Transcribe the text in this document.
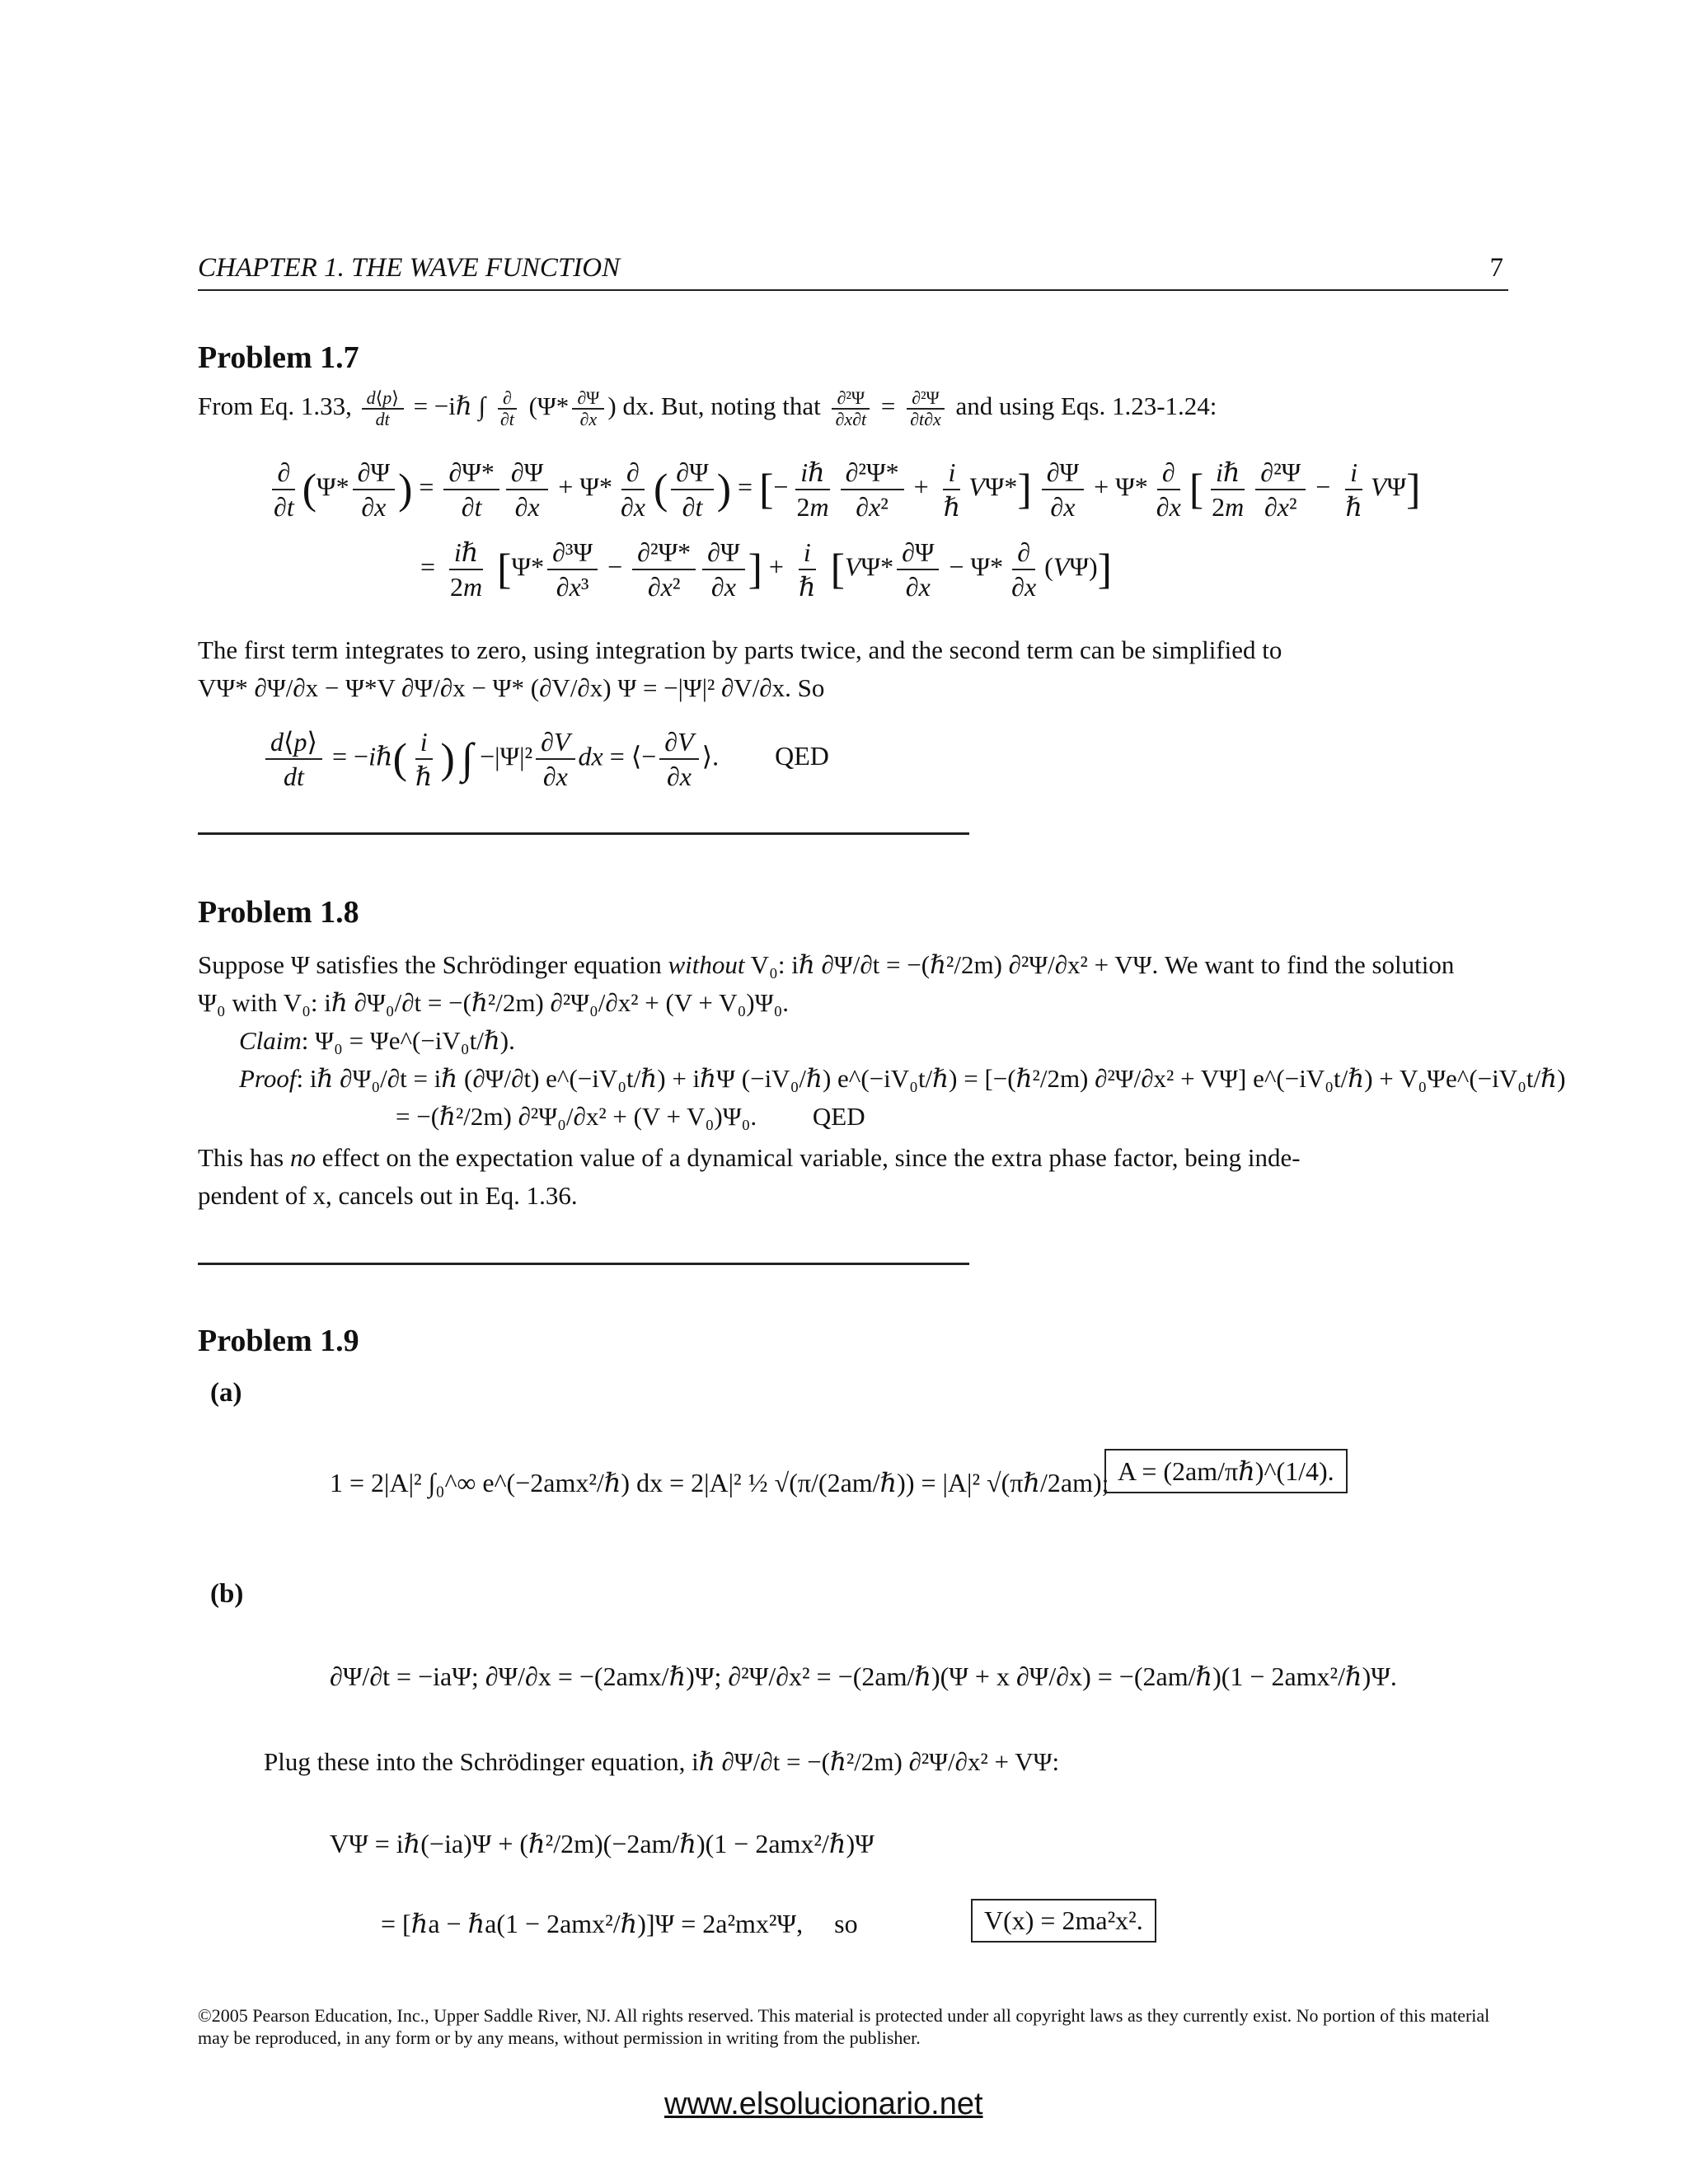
CHAPTER 1. THE WAVE FUNCTION	7
Problem 1.7
From Eq. 1.33, $\frac{d⟨p⟩}{dt}$ = −iℏ ∫ $\frac{\partial}{\partial t} (\Psi* \frac{\partial\Psi}{\partial x}$ ) dx. But, noting that $\frac{\text{∂²Ψ}}{\partial x\partial t} = \frac{\text{∂²Ψ}}{\partial t\partial x}$ and using Eqs. 1.23-1.24:
$\frac{\partial}{\partial t} (\Psi* \frac{\partial\Psi}{\partial x}$ ) = $\frac{\partial\Psi*}{\partial t} \frac{\partial\Psi}{\partial x} + \Psi* \frac{\partial}{\partial x}$ ( $\frac{\partial\Psi}{\partial t}$ ) = [− $\frac{\text{iℏ}}{2m} \frac{\text{∂²Ψ*}}{\text{∂x²}} + \frac{i}{\text{ℏ}} V\Psi*] \frac{\partial\Psi}{\partial x} + \Psi* \frac{\partial}{\partial x}$ [ $\frac{\text{iℏ}}{2m} \frac{\text{∂²Ψ}}{\text{∂x²}} - \frac{i}{\text{ℏ}} V\Psi$]
= $\frac{\text{iℏ}}{2m} [\Psi* \frac{\text{∂³Ψ}}{\text{∂x³}} - \frac{\text{∂²Ψ*}}{\text{∂x²}} \frac{\partial\Psi}{\partial x}$ ] + $\frac{i}{\text{ℏ}} [V\Psi* \frac{\partial\Psi}{\partial x} - \Psi* \frac{\partial}{\partial x} (V\Psi)]$
The first term integrates to zero, using integration by parts twice, and the second term can be simplified to
VΨ* ∂Ψ/∂x − Ψ*V ∂Ψ/∂x − Ψ* (∂V/∂x) Ψ = −|Ψ|² ∂V/∂x. So
$\frac{d⟨p⟩}{dt}$ = −iℏ( $\frac{i}{\text{ℏ}}$ ) ∫ $-|\Psi|^2 \frac{\partial V}{\partial x}$ dx = ⟨− $\frac{\partial V}{\partial x}$ ⟩. QED
Problem 1.8
Suppose Ψ satisfies the Schrödinger equation without V₀: iℏ ∂Ψ/∂t = −(ℏ²/2m) ∂²Ψ/∂x² + VΨ. We want to find the solution
Ψ₀ with V₀: iℏ ∂Ψ₀/∂t = −(ℏ²/2m) ∂²Ψ₀/∂x² + (V + V₀)Ψ₀.
Claim: Ψ₀ = Ψe^(−iV₀t/ℏ).
Proof: iℏ ∂Ψ₀/∂t = iℏ (∂Ψ/∂t) e^(−iV₀t/ℏ) + iℏΨ (−iV₀/ℏ) e^(−iV₀t/ℏ) = [−(ℏ²/2m) ∂²Ψ/∂x² + VΨ] e^(−iV₀t/ℏ) + V₀Ψe^(−iV₀t/ℏ)
= −(ℏ²/2m) ∂²Ψ₀/∂x² + (V + V₀)Ψ₀. QED
This has no effect on the expectation value of a dynamical variable, since the extra phase factor, being inde-
pendent of x, cancels out in Eq. 1.36.
Problem 1.9
(a)
1 = 2|A|² ∫₀^∞ e^(−2amx²/ℏ) dx = 2|A|² ½ √(π/(2am/ℏ)) = |A|² √(πℏ/2am); A = (2am/πℏ)^(1/4).
(b)
∂Ψ/∂t = −iaΨ; ∂Ψ/∂x = −(2amx/ℏ)Ψ; ∂²Ψ/∂x² = −(2am/ℏ)(Ψ + x ∂Ψ/∂x) = −(2am/ℏ)(1 − 2amx²/ℏ)Ψ.
Plug these into the Schrödinger equation, iℏ ∂Ψ/∂t = −(ℏ²/2m) ∂²Ψ/∂x² + VΨ:
VΨ = iℏ(−ia)Ψ + (ℏ²/2m)(−2am/ℏ)(1 − 2amx²/ℏ)Ψ
= [ℏa − ℏa(1 − 2amx²/ℏ)]Ψ = 2a²mx²Ψ, so	V(x) = 2ma²x².
©2005 Pearson Education, Inc., Upper Saddle River, NJ. All rights reserved. This material is protected under all copyright laws as they currently exist. No portion of this material may be reproduced, in any form or by any means, without permission in writing from the publisher.
www.elsolucionario.net
